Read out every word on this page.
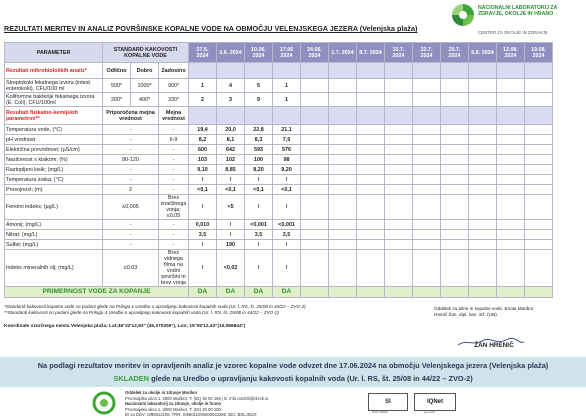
REZULTATI MERITEV IN ANALIZ POVRŠINSKE KOPALNE VODE NA OBMOČJU VELENJSKEGA JEZERA (Velenjska plaža)
NACIONALNI LABORATORIJ ZA
ZDRAVJE, OKOLJE IN HRANO
CENTER ZA OKOLJE IN ZDRAVJE
PARAMETER	STANDARD KAKOVOSTI KOPALNE VODE			27.5. 2024	3.6. 2024	10.06. 2024	17.06 2024	24.06. 2024	1.7. 2024	8.7. 2024	15.7. 2024	22.7. 2024	29.7. 2024	5.8. 2024	12.08. 2024	19.08. 2024
Rezultati mikrobioloških analiz*	Odlično	Dobro	Zadostno													
Streptokoki fekalnega izvora (intest. enterokoki), CFU/100 ml	500*	1000*	900*	1	4	5	1									
Koliformne bakterije fekalnega izvora (E. Coli), CFU/100ml	200*	400*	330*	2	3	9	1									
Rezultati fizikalno-kemijskih parametrov**	Priporočena mejna vrednost		Mejna vrednost													
Temperatura vode, (°C)	-		-	19,4	20,0	22,8	21,1									
pH vrednost	-		6-9	8,2	8,1	8,3	7,9									
Električna prevodnost; (µS/cm)	-		-	600	642	593	576									
Nasičenost s kisikom; (%)	80-120		-	103	102	100	98									
Raztopljeni kisik; (mg/L)	-		-	9,10	8,85	8,20	9,20									
Temperatura zraka; (°C)	-		-	/	/	/	/									
Prosojnost; (m)	2		-	<0,1	<0,1	<0,1	<0,1									
Fenolni indeks; (µg/L)	≤0,005		Brez značilnega vonja; ≤0,05	/	<5	/	/									
Amonij; (mg/L)	-		-	0,010	/	<0,001	<0,001									
Nitrat; (mg/L)	-		-	3,5	/	3,5	3,5									
Sulfat; (mg/L)	-		-	/	190	/	/									
Indeks mineralnih olj; (mg/L)	≤0,03		Brez vidnega filma na vodni površini in brez vonja	/	<0,02	/	/									
PRIMERNOST VODE ZA KOPANJE				DA	DA	DA	DA									
*Standardi kakovosti kopalne vode so podani glede na Prilogo 1 Uredbe o upravljanju kakovosti kopalnih voda (Ur. l. RS, št. 25/08 in 44/22 – ZVO-2)
**Standardi kakovosti so podani glede na Prilogo 4 Uredbe o upravljanju kakovosti kopalnih voda (Ur. l. RS, št. 25/08 in 44/22 – ZVO-2)
Koordinate vzorčnega mesta Velenjska plaža; Lat;46°22'12,93" (46,370259°), Lon; 15°05'12,44"(15,086844°)
Oddelek za pitne in kopalne vode, Enota Maribor
Hrenič Žan, dipl. san. inž. (UN)
ŽAN HRENIČ
Na podlagi rezultatov meritev in opravljenih analiz je vzorec kopalne vode odvzet dne 17.06.2024 na območju Velenjskega jezera (Velenjska plaža)
SKLADEN glede na Uredbo o upravljanju kakovosti kopalnih voda (Ur. l. RS, št. 25/08 in 44/22 – ZVO-2)
Oddelek za okolje in zdravje Maribor
Prvomajska ulica 1, 2000 Maribor, T: (02) 45 00 166 | E: info.oozmb@nlzoh.si
Nacionalni laboratorij za zdravje, okolje in hrano
Prvomajska ulica 1, 2000 Maribor, T: (02) 45 00 100
ID za DDV: SI96612195, TRR: SI56011006000043285, BIC: BSLJSI2X
SI
ISO 9001
IQNet
Q-229
